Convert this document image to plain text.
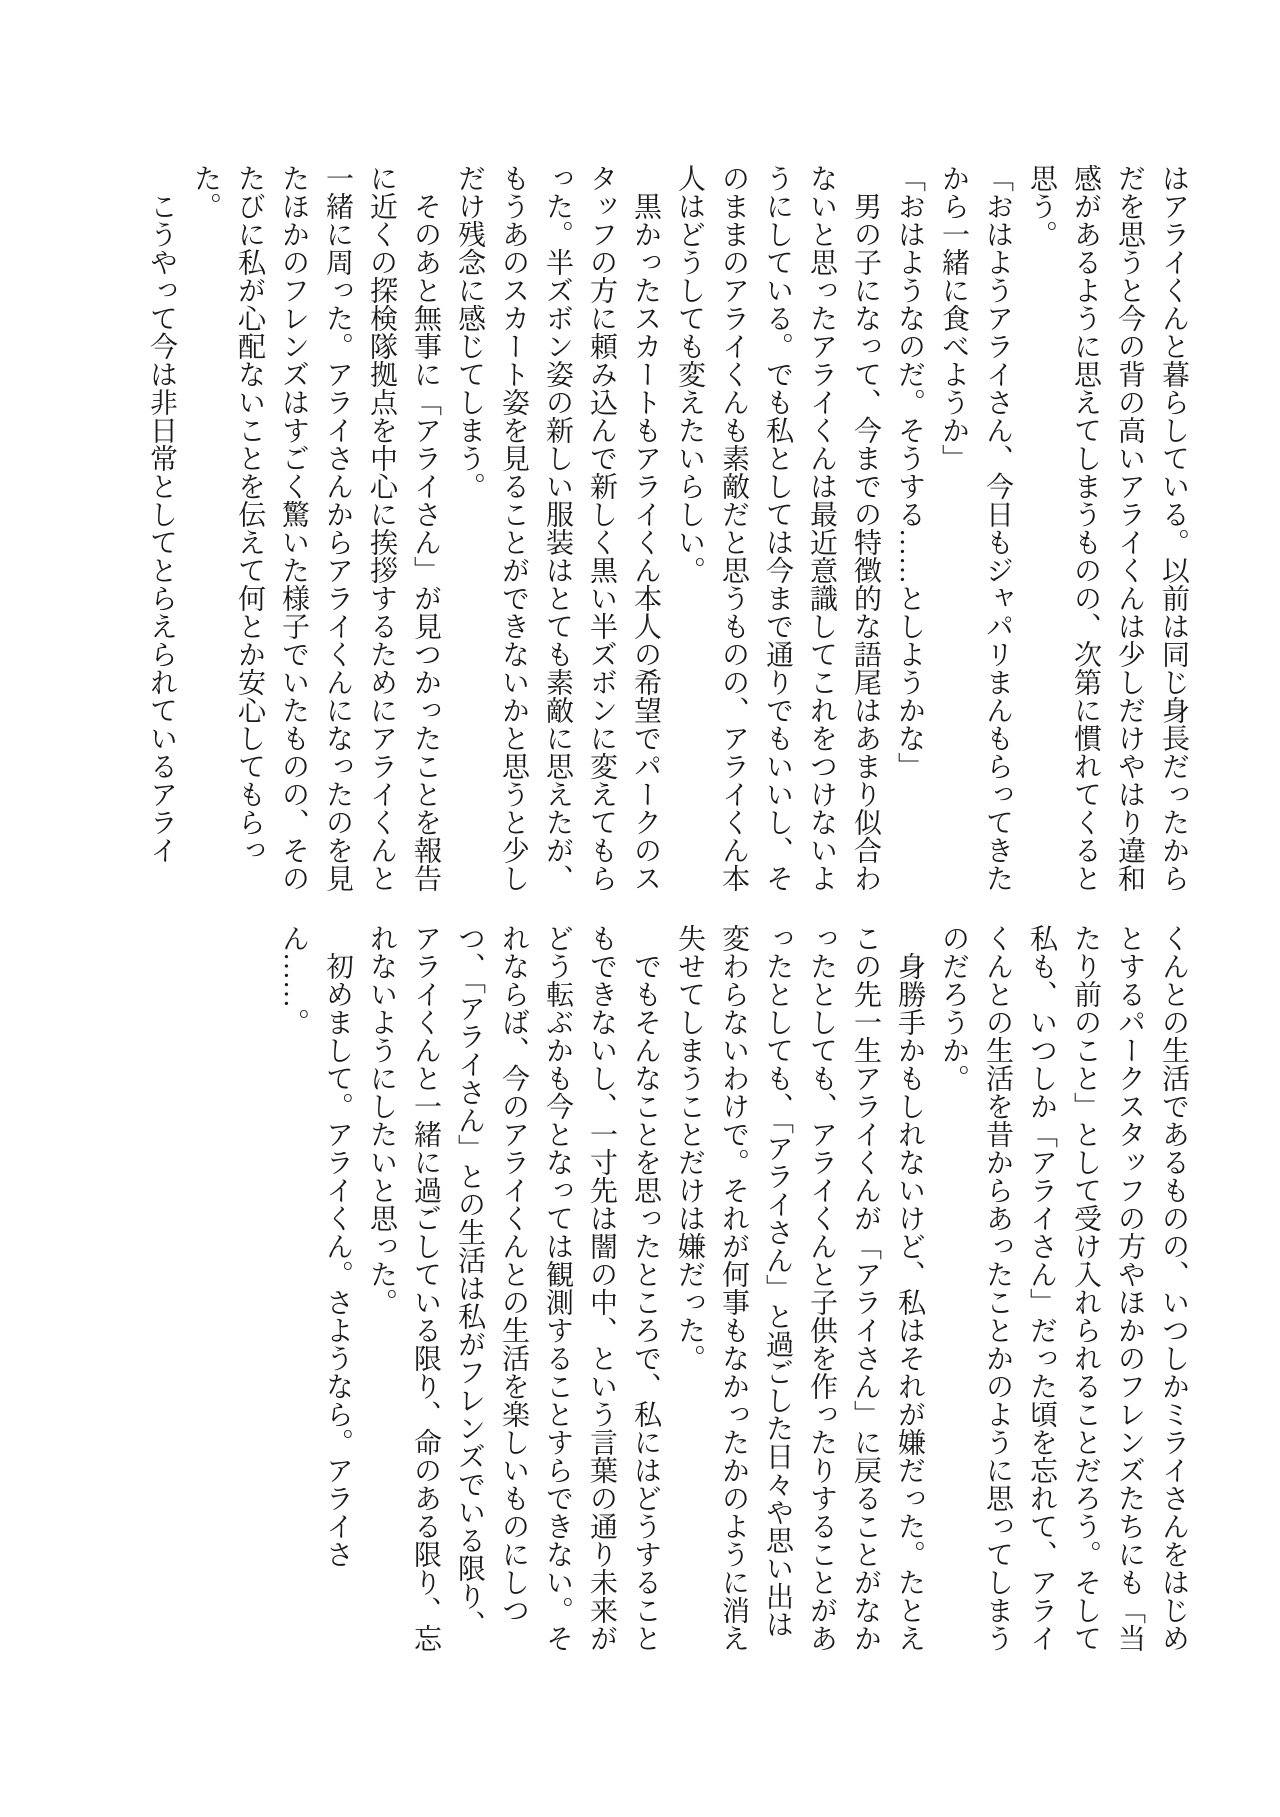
はアライくんと暮らしている。以前は同じ身長だったからだを思うと今の背の高いアライくんは少しだけやはり違和感があるように思えてしまうものの、次第に慣れてくると思う。

「おはようアライさん、今日もジャパリまんもらってきたから一緒に食べようか」

「おはようなのだ。そうする……としようかな」

男の子になって、今までの特徴的な語尾はあまり似合わないと思ったアライくんは最近意識してこれをつけないようにしている。でも私としては今まで通りでもいいし、そのままのアライくんも素敵だと思うものの、アライくん本人はどうしても変えたいらしい。

黒かったスカートもアライくん本人の希望でパークのスタッフの方に頼み込んで新しく黒い半ズボンに変えてもらった。半ズボン姿の新しい服装はとても素敵に思えたが、もうあのスカート姿を見ることができないかと思うと少しだけ残念に感じてしまう。

そのあと無事に「アライさん」が見つかったことを報告に近くの探検隊拠点を中心に挨拶するためにアライくんと一緒に周った。アライさんからアライくんになったのを見たほかのフレンズはすごく驚いた様子でいたものの、そのたびに私が心配ないことを伝えて何とか安心してもらった。

こうやって今は非日常としてとらえられているアライ

くんとの生活であるものの、いつしかミライさんをはじめとするパークスタッフの方やほかのフレンズたちにも「当たり前のこと」として受け入れられることだろう。そして私も、いつしか「アライさん」だった頃を忘れて、アライくんとの生活を昔からあったことかのように思ってしまうのだろうか。

身勝手かもしれないけど、私はそれが嫌だった。たとえこの先一生アライくんが「アライさん」に戻ることがなかったとしても、アライくんと子供を作ったりすることがあったとしても、「アライさん」と過ごした日々や思い出は変わらないわけで。それが何事もなかったかのように消え失せてしまうことだけは嫌だった。

でもそんなことを思ったところで、私にはどうすることもできないし、一寸先は闇の中、という言葉の通り未来がどう転ぶかも今となっては観測することすらできない。それならば、今のアライくんとの生活を楽しいものにしつつ、「アライさん」との生活は私がフレンズでいる限り、アライくんと一緒に過ごしている限り、命のある限り、忘れないようにしたいと思った。

初めまして。アライくん。さようなら。アライさん……。
